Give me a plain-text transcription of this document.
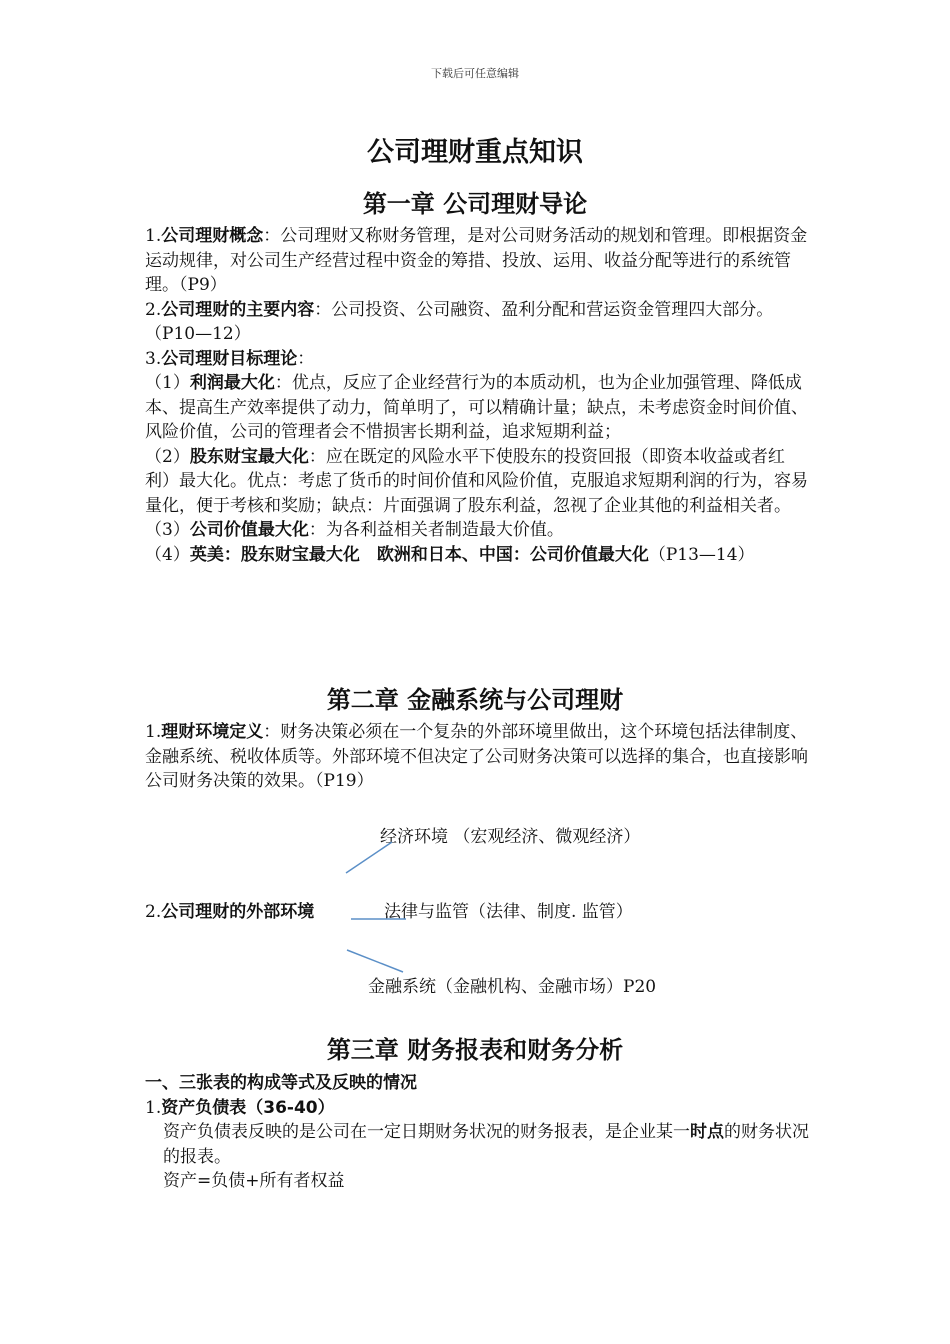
下载后可任意编辑
公司理财重点知识
第一章 公司理财导论

1.公司理财概念：公司理财又称财务管理，是对公司财务活动的规划和管理。即根据资金运动规律，对公司生产经营过程中资金的筹措、投放、运用、收益分配等进行的系统管理。（P9）

2.公司理财的主要内容：公司投资、公司融资、盈利分配和营运资金管理四大部分。（P10—12）

3.公司理财目标理论：

（1）利润最大化：优点，反应了企业经营行为的本质动机，也为企业加强管理、降低成本、提高生产效率提供了动力，简单明了，可以精确计量；缺点，未考虑资金时间价值、风险价值，公司的管理者会不惜损害长期利益，追求短期利益；

（2）股东财宝最大化：应在既定的风险水平下使股东的投资回报（即资本收益或者红利）最大化。优点：考虑了货币的时间价值和风险价值，克服追求短期利润的行为，容易量化，便于考核和奖励；缺点：片面强调了股东利益，忽视了企业其他的利益相关者。

（3）公司价值最大化：为各利益相关者制造最大价值。

（4）英美：股东财宝最大化　欧洲和日本、中国：公司价值最大化（P13—14）

第二章 金融系统与公司理财

1.理财环境定义：财务决策必须在一个复杂的外部环境里做出，这个环境包括法律制度、金融系统、税收体质等。外部环境不但决定了公司财务决策可以选择的集合，也直接影响公司财务决策的效果。（P19）

经济环境 （宏观经济、微观经济）
2.公司理财的外部环境	法律与监管（法律、制度. 监管）
金融系统（金融机构、金融市场）P20
第三章 财务报表和财务分析

一、三张表的构成等式及反映的情况

1.资产负债表（36-40）

资产负债表反映的是公司在一定日期财务状况的财务报表，是企业某一时点的财务状况的报表。

资产=负债+所有者权益
